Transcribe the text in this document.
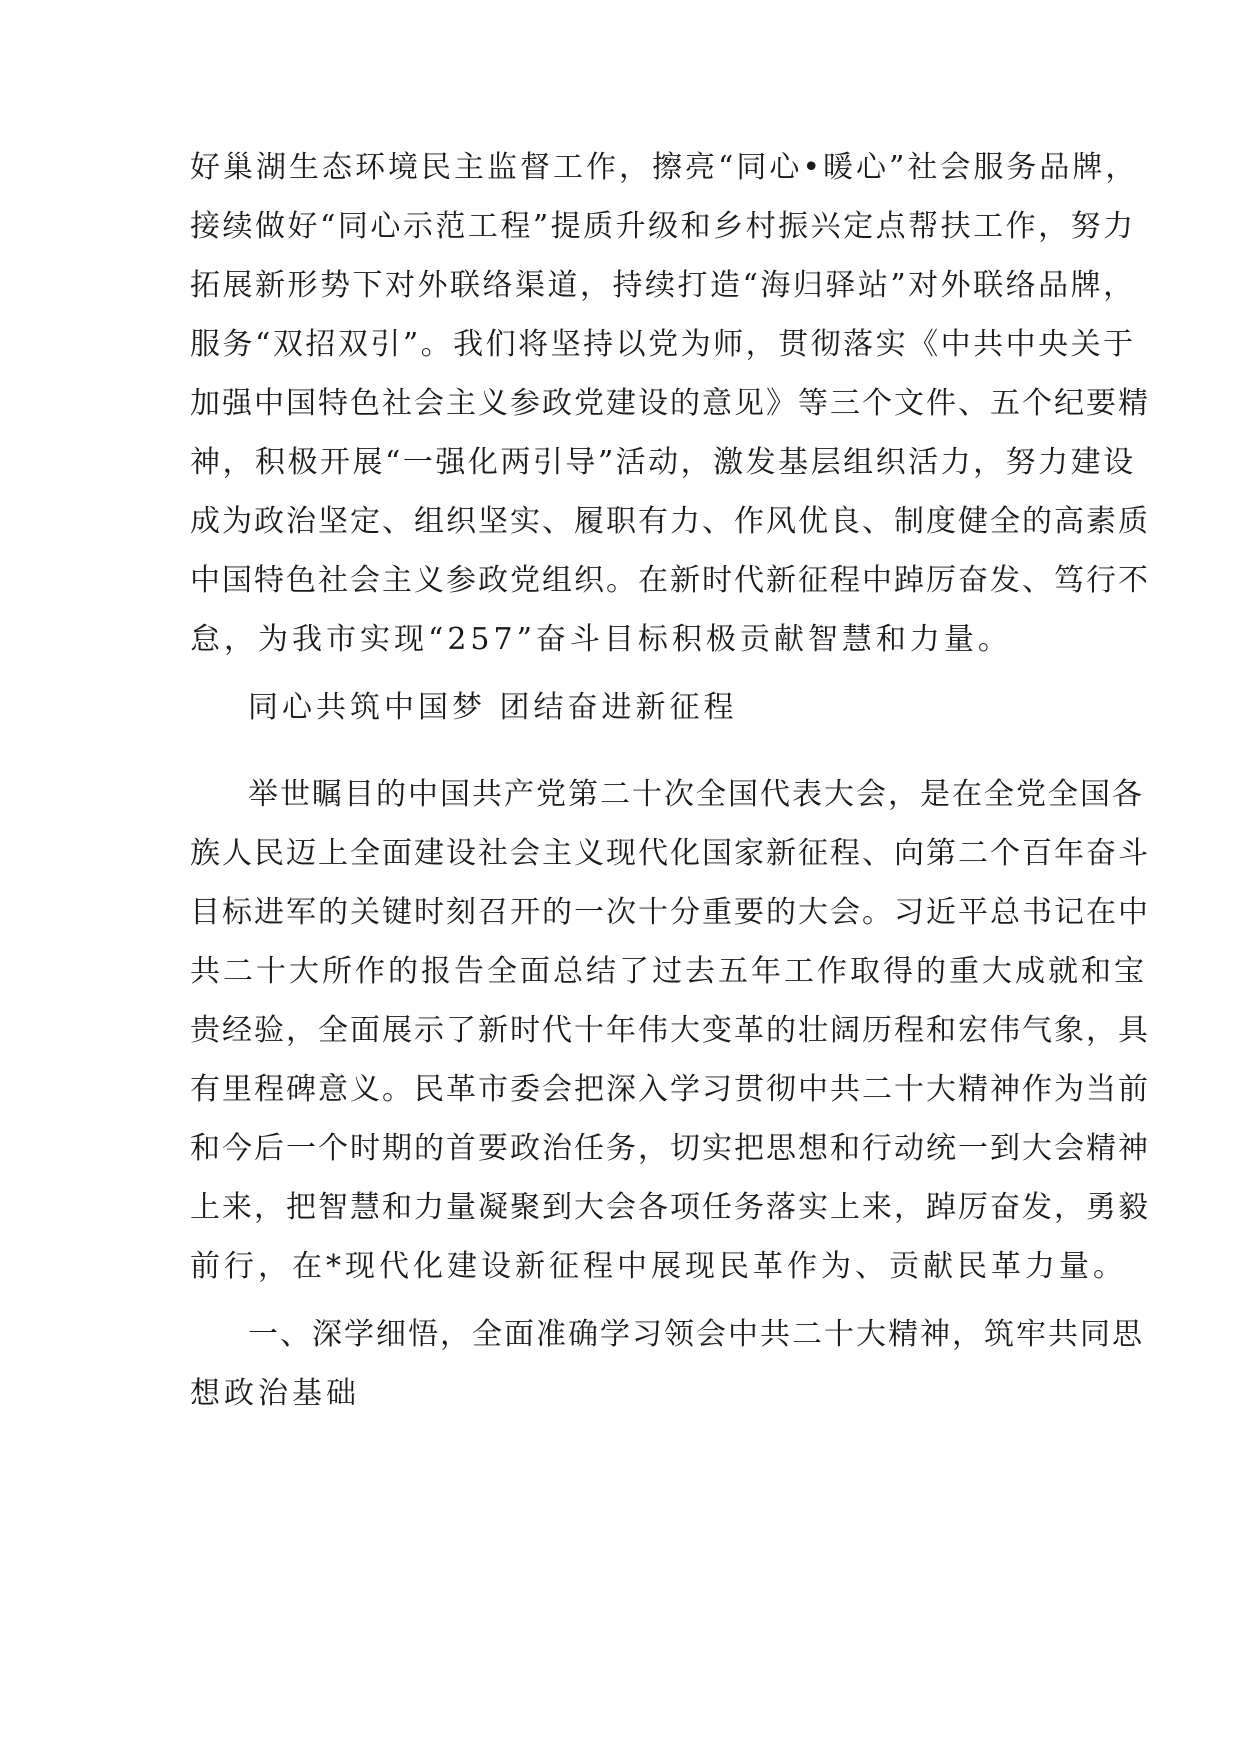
好巢湖生态环境民主监督工作，擦亮“同心•暖心”社会服务品牌，
接续做好“同心示范工程”提质升级和乡村振兴定点帮扶工作，努力
拓展新形势下对外联络渠道，持续打造“海归驿站”对外联络品牌，
服务“双招双引”。我们将坚持以党为师，贯彻落实《中共中央关于
加强中国特色社会主义参政党建设的意见》等三个文件、五个纪要精
神，积极开展“一强化两引导”活动，激发基层组织活力，努力建设
成为政治坚定、组织坚实、履职有力、作风优良、制度健全的高素质
中国特色社会主义参政党组织。在新时代新征程中踔厉奋发、笃行不
怠，为我市实现“257”奋斗目标积极贡献智慧和力量。
同心共筑中国梦 团结奋进新征程
举世瞩目的中国共产党第二十次全国代表大会，是在全党全国各
族人民迈上全面建设社会主义现代化国家新征程、向第二个百年奋斗
目标进军的关键时刻召开的一次十分重要的大会。习近平总书记在中
共二十大所作的报告全面总结了过去五年工作取得的重大成就和宝
贵经验，全面展示了新时代十年伟大变革的壮阔历程和宏伟气象，具
有里程碑意义。民革市委会把深入学习贯彻中共二十大精神作为当前
和今后一个时期的首要政治任务，切实把思想和行动统一到大会精神
上来，把智慧和力量凝聚到大会各项任务落实上来，踔厉奋发，勇毅
前行，在*现代化建设新征程中展现民革作为、贡献民革力量。
一、深学细悟，全面准确学习领会中共二十大精神，筑牢共同思
想政治基础
